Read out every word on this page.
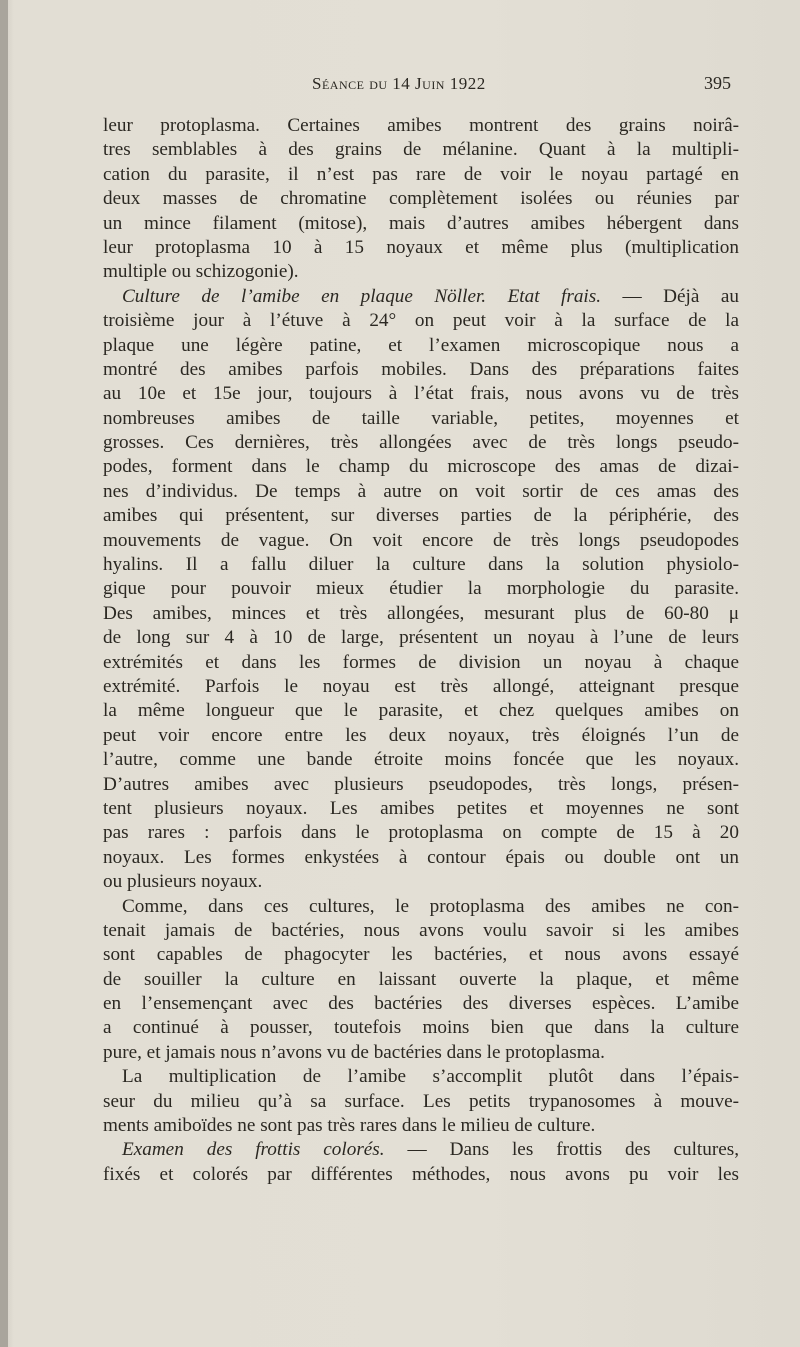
Séance du 14 Juin 1922	395
leur protoplasma. Certaines amibes montrent des grains noirâ-
tres semblables à des grains de mélanine. Quant à la multipli-
cation du parasite, il n’est pas rare de voir le noyau partagé en
deux masses de chromatine complètement isolées ou réunies par
un mince filament (mitose), mais d’autres amibes hébergent dans
leur protoplasma 10 à 15 noyaux et même plus (multiplication
multiple ou schizogonie).
Culture de l’amibe en plaque Nöller. Etat frais. — Déjà au
troisième jour à l’étuve à 24° on peut voir à la surface de la
plaque une légère patine, et l’examen microscopique nous a
montré des amibes parfois mobiles. Dans des préparations faites
au 10e et 15e jour, toujours à l’état frais, nous avons vu de très
nombreuses amibes de taille variable, petites, moyennes et
grosses. Ces dernières, très allongées avec de très longs pseudo-
podes, forment dans le champ du microscope des amas de dizai-
nes d’individus. De temps à autre on voit sortir de ces amas des
amibes qui présentent, sur diverses parties de la périphérie, des
mouvements de vague. On voit encore de très longs pseudopodes
hyalins. Il a fallu diluer la culture dans la solution physiolo-
gique pour pouvoir mieux étudier la morphologie du parasite.
Des amibes, minces et très allongées, mesurant plus de 60-80 μ
de long sur 4 à 10 de large, présentent un noyau à l’une de leurs
extrémités et dans les formes de division un noyau à chaque
extrémité. Parfois le noyau est très allongé, atteignant presque
la même longueur que le parasite, et chez quelques amibes on
peut voir encore entre les deux noyaux, très éloignés l’un de
l’autre, comme une bande étroite moins foncée que les noyaux.
D’autres amibes avec plusieurs pseudopodes, très longs, présen-
tent plusieurs noyaux. Les amibes petites et moyennes ne sont
pas rares : parfois dans le protoplasma on compte de 15 à 20
noyaux. Les formes enkystées à contour épais ou double ont un
ou plusieurs noyaux.
Comme, dans ces cultures, le protoplasma des amibes ne con-
tenait jamais de bactéries, nous avons voulu savoir si les amibes
sont capables de phagocyter les bactéries, et nous avons essayé
de souiller la culture en laissant ouverte la plaque, et même
en l’ensemençant avec des bactéries des diverses espèces. L’amibe
a continué à pousser, toutefois moins bien que dans la culture
pure, et jamais nous n’avons vu de bactéries dans le protoplasma.
La multiplication de l’amibe s’accomplit plutôt dans l’épais-
seur du milieu qu’à sa surface. Les petits trypanosomes à mouve-
ments amiboïdes ne sont pas très rares dans le milieu de culture.
Examen des frottis colorés. — Dans les frottis des cultures,
fixés et colorés par différentes méthodes, nous avons pu voir les
